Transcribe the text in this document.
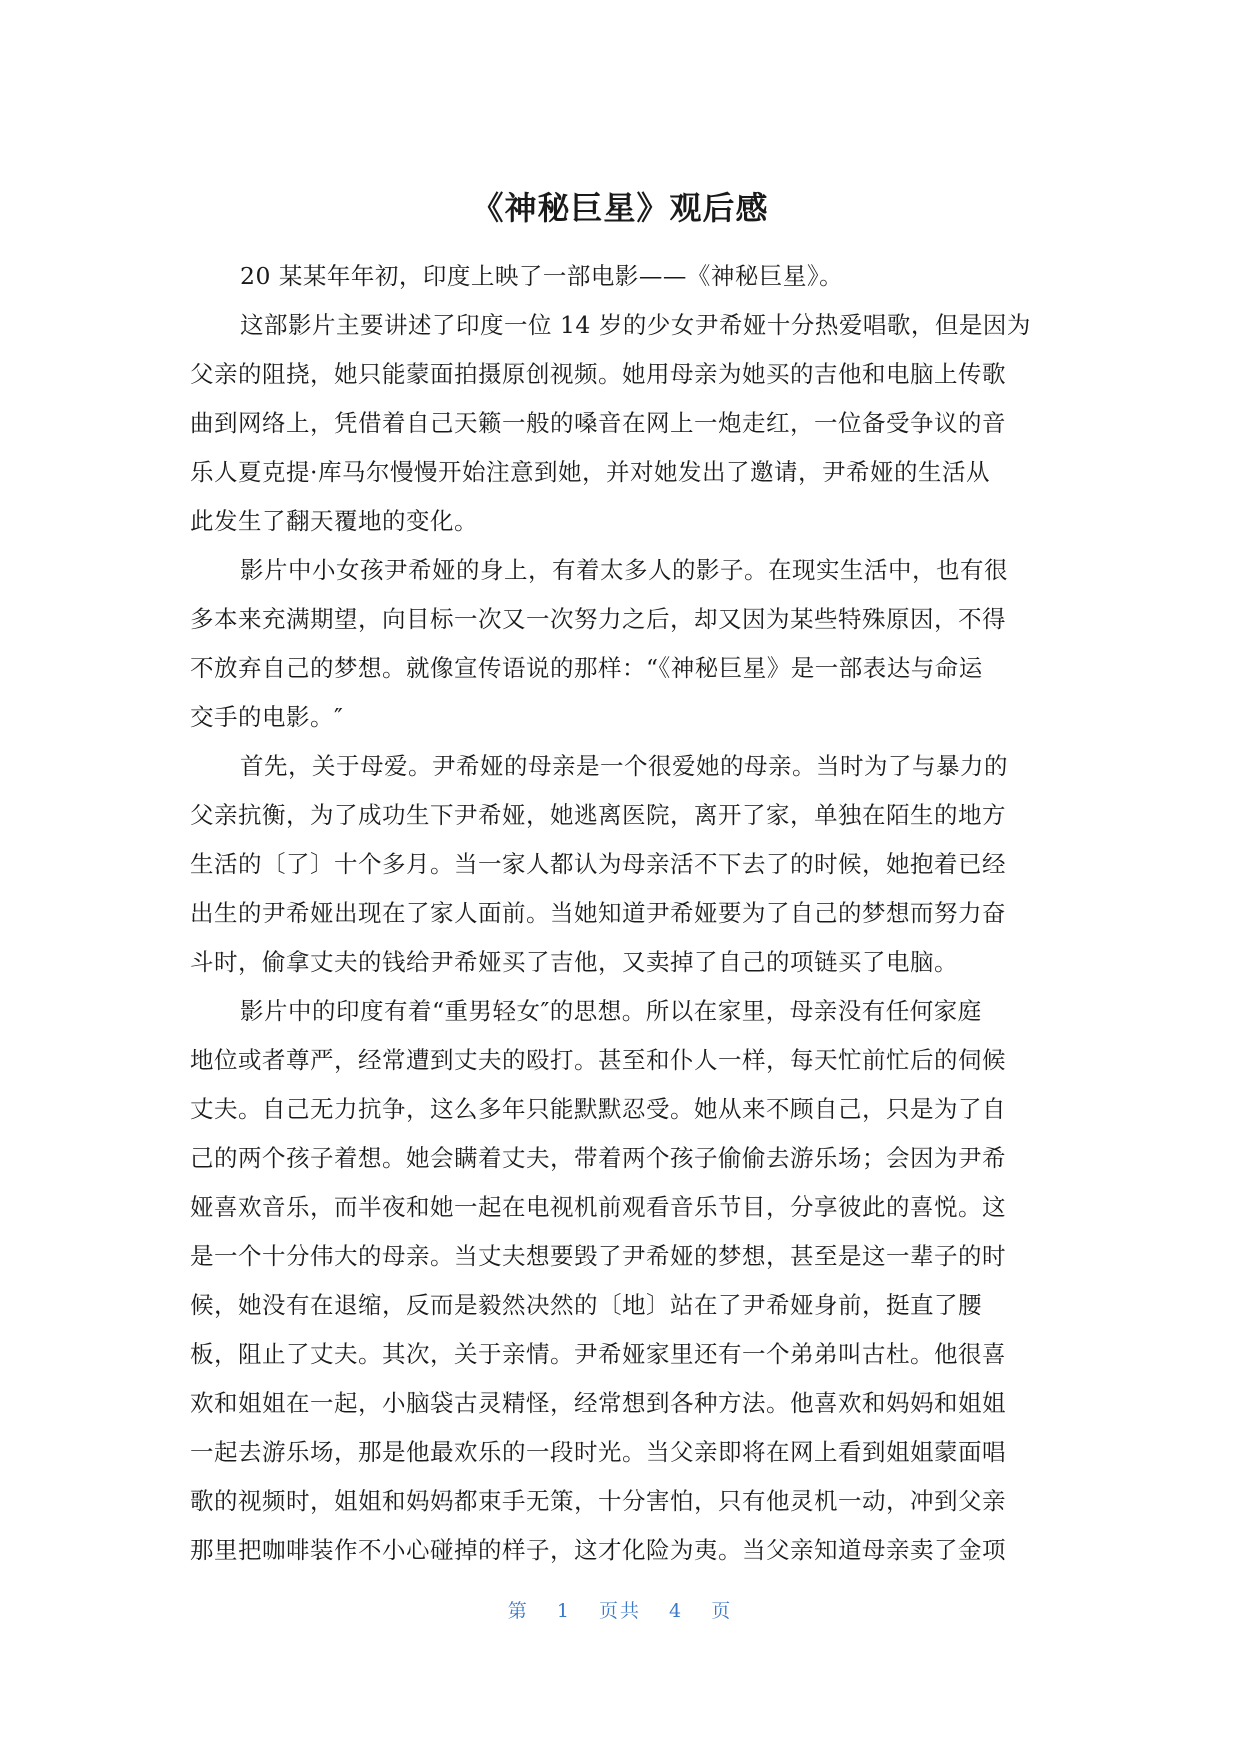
《神秘巨星》观后感

20 某某年年初，印度上映了一部电影——《神秘巨星》。

这部影片主要讲述了印度一位 14 岁的少女尹希娅十分热爱唱歌，但是因为

父亲的阻挠，她只能蒙面拍摄原创视频。她用母亲为她买的吉他和电脑上传歌

曲到网络上，凭借着自己天籁一般的嗓音在网上一炮走红，一位备受争议的音

乐人夏克提·库马尔慢慢开始注意到她，并对她发出了邀请，尹希娅的生活从

此发生了翻天覆地的变化。

影片中小女孩尹希娅的身上，有着太多人的影子。在现实生活中，也有很

多本来充满期望，向目标一次又一次努力之后，却又因为某些特殊原因，不得

不放弃自己的梦想。就像宣传语说的那样：“《神秘巨星》是一部表达与命运

交手的电影。″

首先，关于母爱。尹希娅的母亲是一个很爱她的母亲。当时为了与暴力的

父亲抗衡，为了成功生下尹希娅，她逃离医院，离开了家，单独在陌生的地方

生活的〔了〕十个多月。当一家人都认为母亲活不下去了的时候，她抱着已经

出生的尹希娅出现在了家人面前。当她知道尹希娅要为了自己的梦想而努力奋

斗时，偷拿丈夫的钱给尹希娅买了吉他，又卖掉了自己的项链买了电脑。

影片中的印度有着“重男轻女″的思想。所以在家里，母亲没有任何家庭

地位或者尊严，经常遭到丈夫的殴打。甚至和仆人一样，每天忙前忙后的伺候

丈夫。自己无力抗争，这么多年只能默默忍受。她从来不顾自己，只是为了自

己的两个孩子着想。她会瞒着丈夫，带着两个孩子偷偷去游乐场；会因为尹希

娅喜欢音乐，而半夜和她一起在电视机前观看音乐节目，分享彼此的喜悦。这

是一个十分伟大的母亲。当丈夫想要毁了尹希娅的梦想，甚至是这一辈子的时

候，她没有在退缩，反而是毅然决然的〔地〕站在了尹希娅身前，挺直了腰

板，阻止了丈夫。其次，关于亲情。尹希娅家里还有一个弟弟叫古杜。他很喜

欢和姐姐在一起，小脑袋古灵精怪，经常想到各种方法。他喜欢和妈妈和姐姐

一起去游乐场，那是他最欢乐的一段时光。当父亲即将在网上看到姐姐蒙面唱

歌的视频时，姐姐和妈妈都束手无策，十分害怕，只有他灵机一动，冲到父亲

那里把咖啡装作不小心碰掉的样子，这才化险为夷。当父亲知道母亲卖了金项

第 1 页共 4 页
